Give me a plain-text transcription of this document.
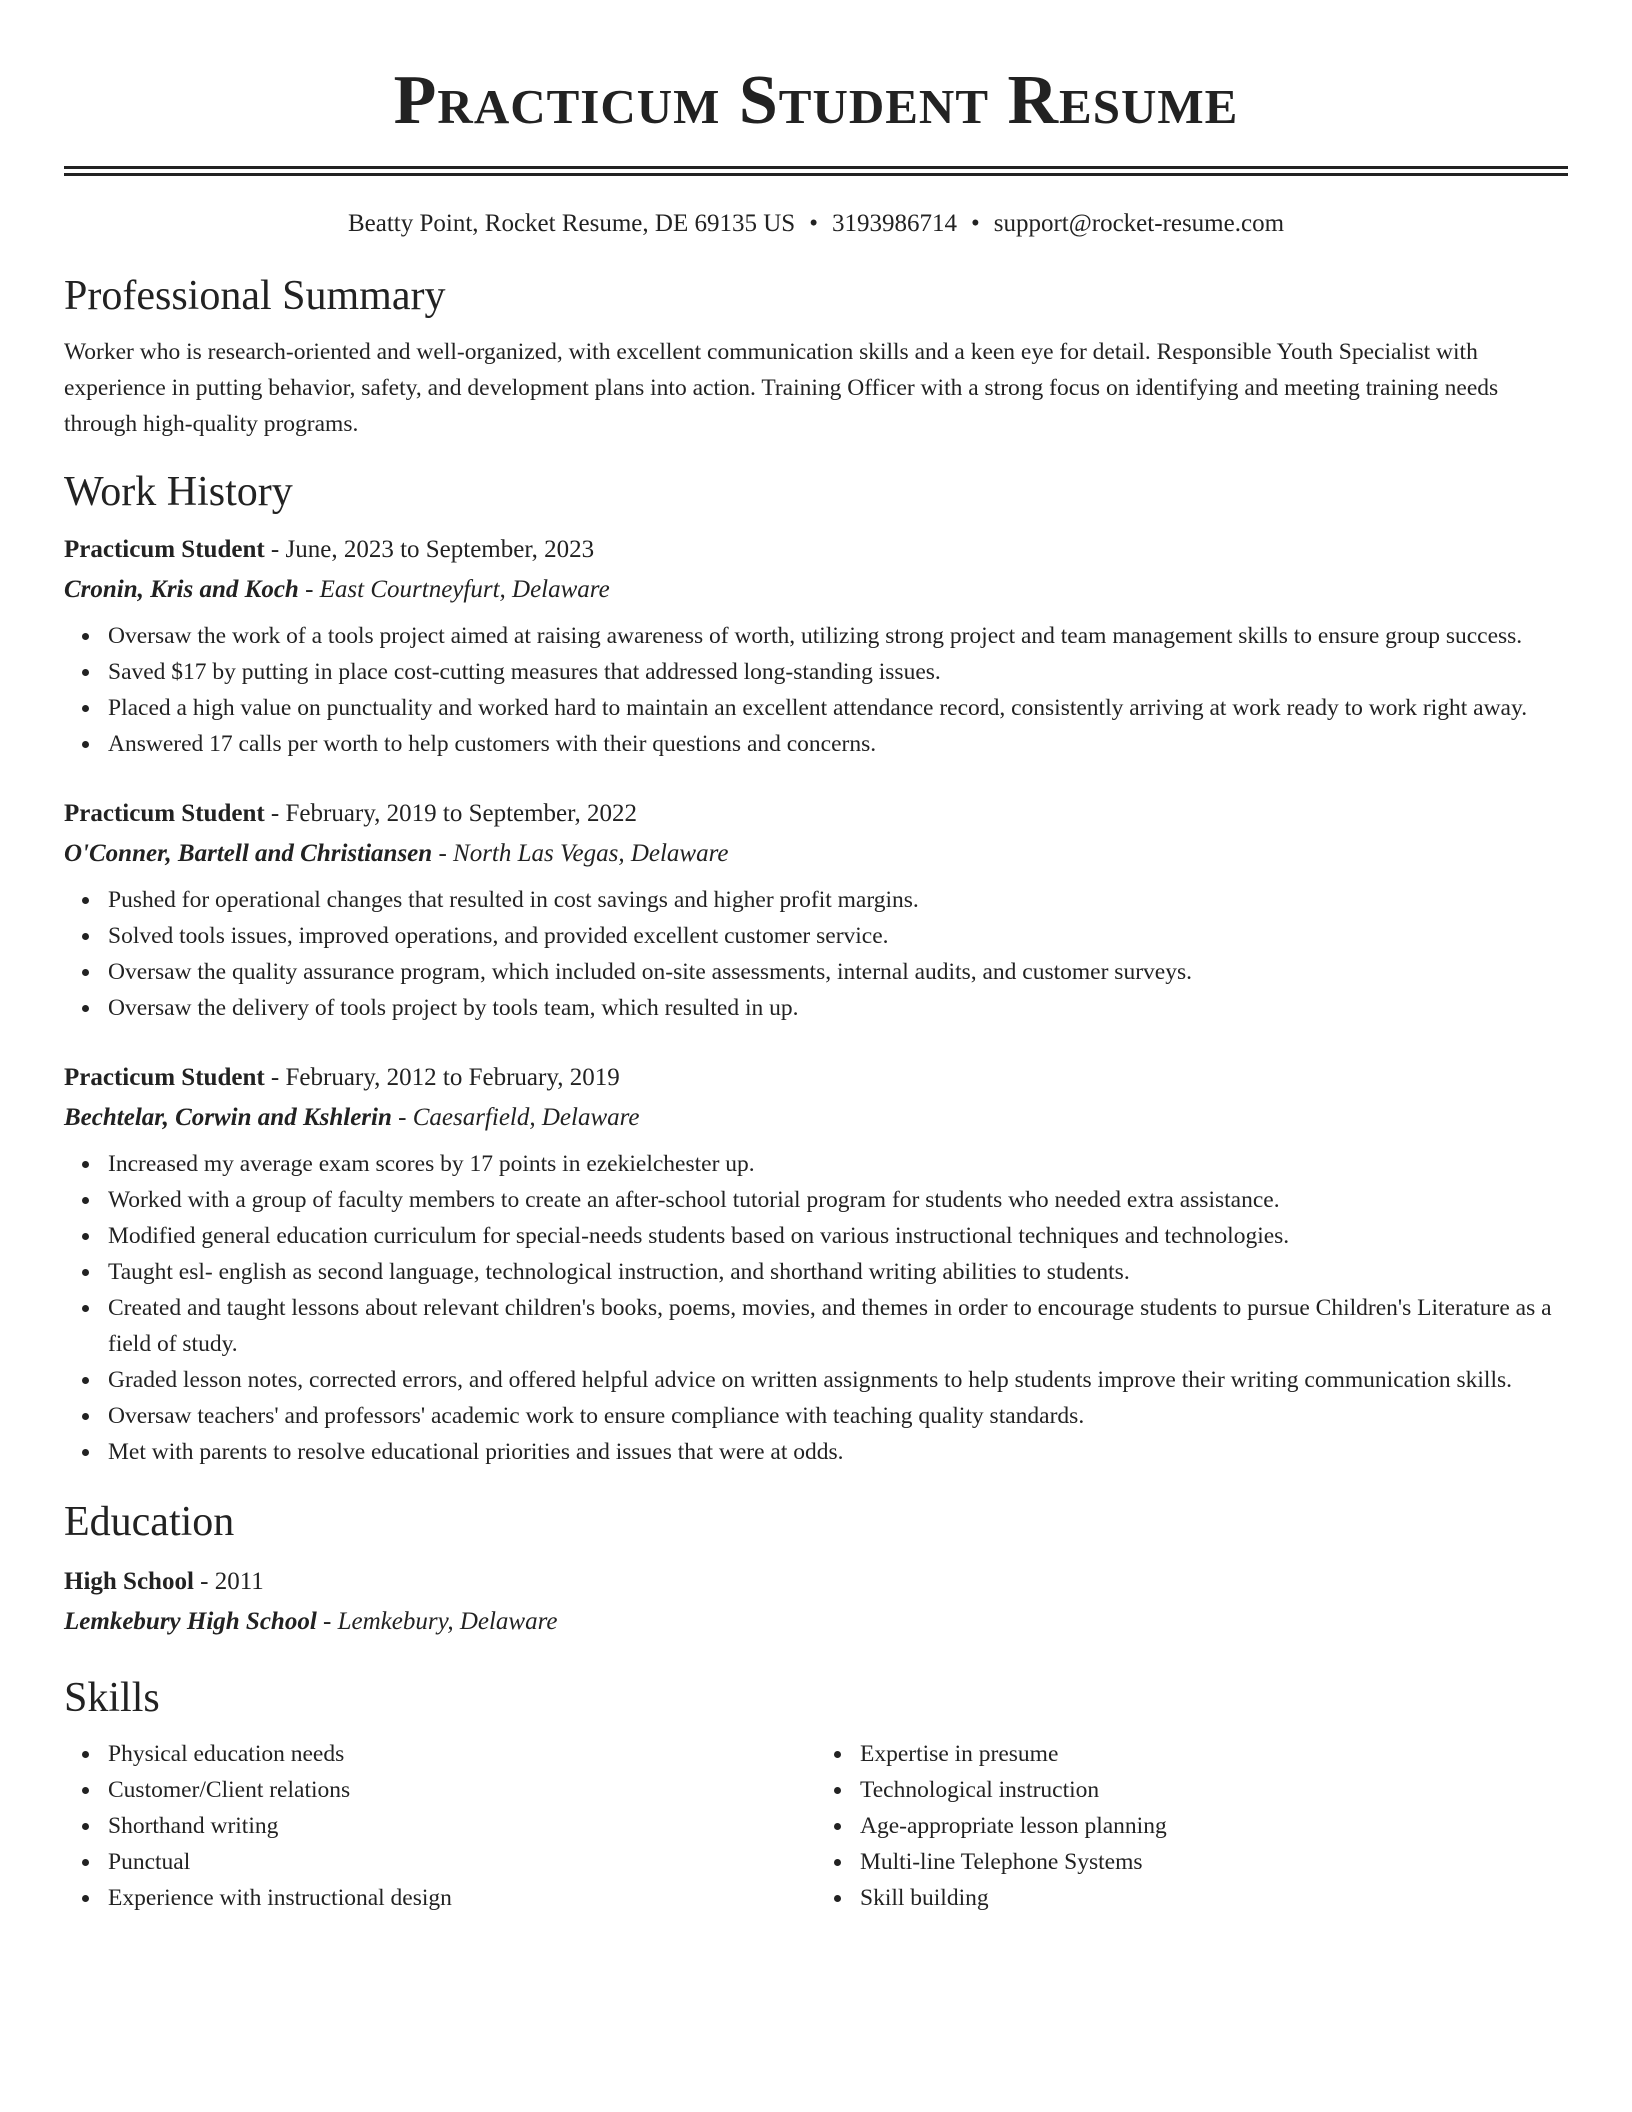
Practicum Student Resume
Beatty Point, Rocket Resume, DE 69135 US • 3193986714 • support@rocket-resume.com
Professional Summary
Worker who is research-oriented and well-organized, with excellent communication skills and a keen eye for detail. Responsible Youth Specialist with experience in putting behavior, safety, and development plans into action. Training Officer with a strong focus on identifying and meeting training needs through high-quality programs.
Work History
Practicum Student - June, 2023 to September, 2023
Cronin, Kris and Koch - East Courtneyfurt, Delaware
Oversaw the work of a tools project aimed at raising awareness of worth, utilizing strong project and team management skills to ensure group success.
Saved $17 by putting in place cost-cutting measures that addressed long-standing issues.
Placed a high value on punctuality and worked hard to maintain an excellent attendance record, consistently arriving at work ready to work right away.
Answered 17 calls per worth to help customers with their questions and concerns.
Practicum Student - February, 2019 to September, 2022
O'Conner, Bartell and Christiansen - North Las Vegas, Delaware
Pushed for operational changes that resulted in cost savings and higher profit margins.
Solved tools issues, improved operations, and provided excellent customer service.
Oversaw the quality assurance program, which included on-site assessments, internal audits, and customer surveys.
Oversaw the delivery of tools project by tools team, which resulted in up.
Practicum Student - February, 2012 to February, 2019
Bechtelar, Corwin and Kshlerin - Caesarfield, Delaware
Increased my average exam scores by 17 points in ezekielchester up.
Worked with a group of faculty members to create an after-school tutorial program for students who needed extra assistance.
Modified general education curriculum for special-needs students based on various instructional techniques and technologies.
Taught esl- english as second language, technological instruction, and shorthand writing abilities to students.
Created and taught lessons about relevant children's books, poems, movies, and themes in order to encourage students to pursue Children's Literature as a field of study.
Graded lesson notes, corrected errors, and offered helpful advice on written assignments to help students improve their writing communication skills.
Oversaw teachers' and professors' academic work to ensure compliance with teaching quality standards.
Met with parents to resolve educational priorities and issues that were at odds.
Education
High School - 2011
Lemkebury High School - Lemkebury, Delaware
Skills
Physical education needs
Customer/Client relations
Shorthand writing
Punctual
Experience with instructional design
Expertise in presume
Technological instruction
Age-appropriate lesson planning
Multi-line Telephone Systems
Skill building
